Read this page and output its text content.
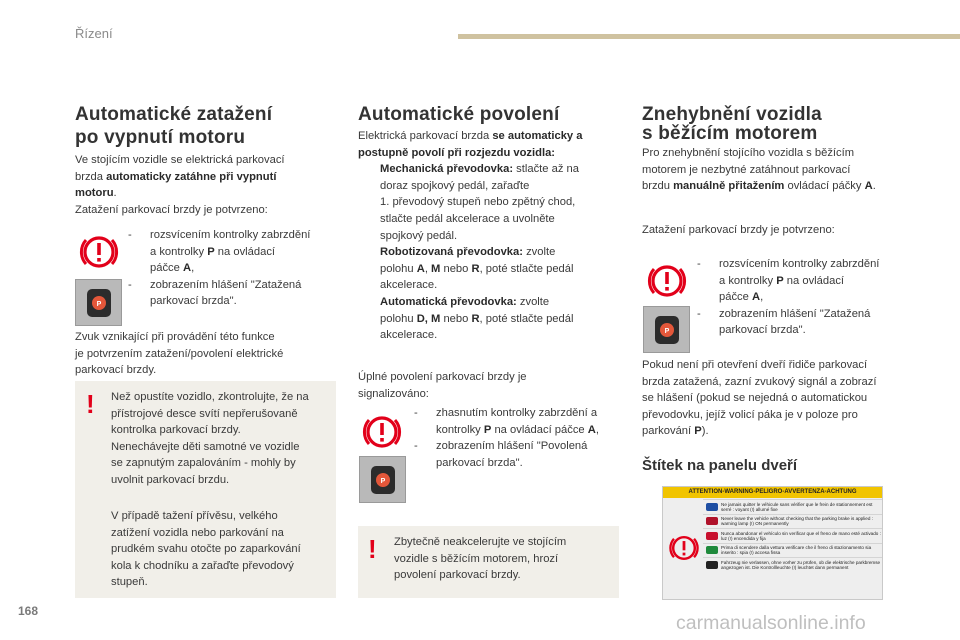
Řízení
Automatické zatažení
po vypnutí motoru
Ve stojícím vozidle se elektrická parkovací
brzda automaticky zatáhne při vypnutí
motoru.
Zatažení parkovací brzdy je potvrzeno:
P
- rozsvícením kontrolky zabrzdění
a kontrolky P na ovládací
páčce A,
- zobrazením hlášení "Zatažená
parkovací brzda".
Zvuk vznikající při provádění této funkce
je potvrzením zatažení/povolení elektrické
parkovací brzdy.
! Než opustíte vozidlo, zkontrolujte, že na
přístrojové desce svítí nepřerušovaně
kontrolka parkovací brzdy.
Nenechávejte děti samotné ve vozidle
se zapnutým zapalováním - mohly by
uvolnit parkovací brzdu.
V případě tažení přívěsu, velkého
zatížení vozidla nebo parkování na
prudkém svahu otočte po zaparkování
kola k chodníku a zařaďte převodový
stupeň.
Automatické povolení
Elektrická parkovací brzda se automaticky a
postupně povolí při rozjezdu vozidla:
Mechanická převodovka: stlačte až na
doraz spojkový pedál, zařaďte
1. převodový stupeň nebo zpětný chod,
stlačte pedál akcelerace a uvolněte
spojkový pedál.
Robotizovaná převodovka: zvolte
polohu A, M nebo R, poté stlačte pedál
akcelerace.
Automatická převodovka: zvolte
polohu D, M nebo R, poté stlačte pedál
akcelerace.
Úplné povolení parkovací brzdy je
signalizováno:
P
- zhasnutím kontrolky zabrzdění a
kontrolky P na ovládací páčce A,
- zobrazením hlášení "Povolená
parkovací brzda".
! Zbytečně neakcelerujte ve stojícím
vozidle s běžícím motorem, hrozí
povolení parkovací brzdy.
Znehybnění vozidla
s běžícím motorem
Pro znehybnění stojícího vozidla s běžícím
motorem je nezbytné zatáhnout parkovací
brzdu manuálně přitažením ovládací páčky A.
Zatažení parkovací brzdy je potvrzeno:
P
- rozsvícením kontrolky zabrzdění
a kontrolky P na ovládací
páčce A,
- zobrazením hlášení "Zatažená
parkovací brzda".
Pokud není při otevření dveří řidiče parkovací
brzda zatažená, zazní zvukový signál a zobrazí
se hlášení (pokud se nejedná o automatickou
převodovku, jejíž volicí páka je v poloze pro
parkování P).
Štítek na panelu dveří
ATTENTION-WARNING-PELIGRO-AVVERTENZA-ACHTUNG
Ne jamais quitter le véhicule sans vérifier que le frein de stationnement est serré : voyant (!) allumé fixe
Never leave the vehicle without checking that the parking brake is applied : warning lamp (!) ON permanently
Nunca abandonar el vehículo sin verificar que el freno de mano esté activado : luz (!) encendida y fija
Prima di scendere dalla vettura verificare che il freno di stazionamento sia inserito : spia (!) accesa fissa
Fahrzeug nie verlassen, ohne vorher zu prüfen, ob die elektrische parkbremse angezogen ist. Die Kontrollleuchte (!) leuchtet dann permanent
168
carmanualsonline.info
